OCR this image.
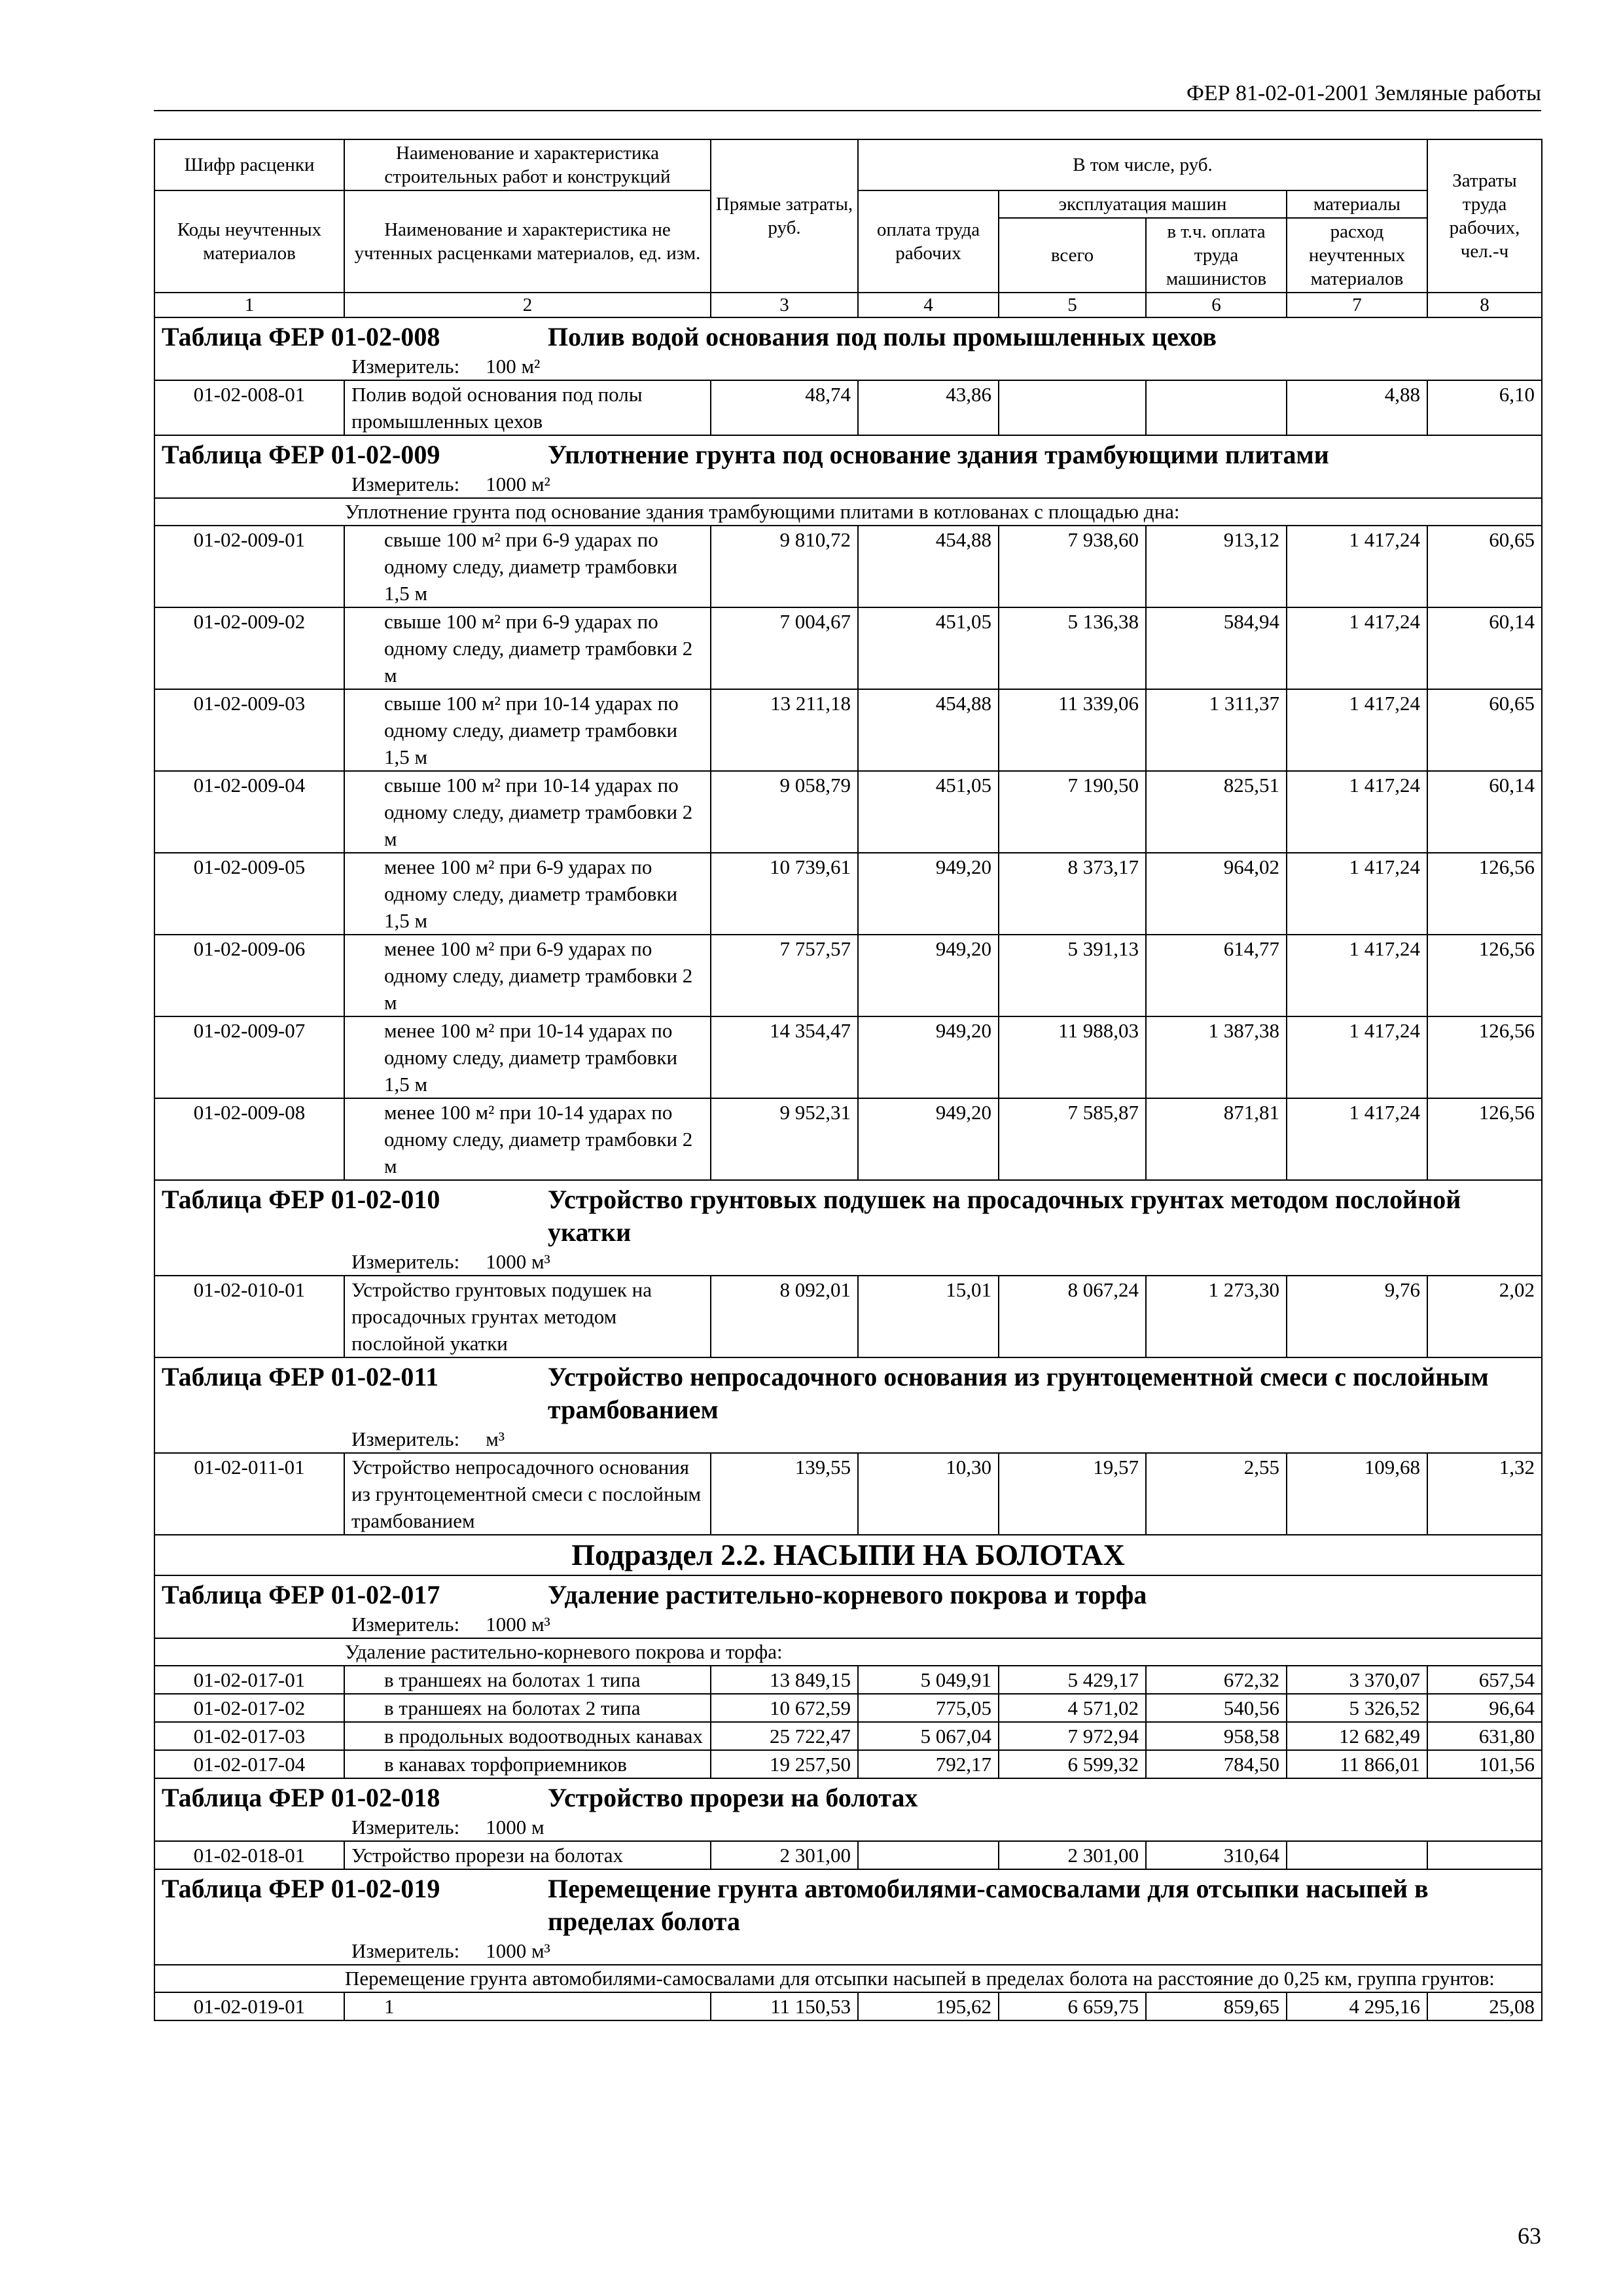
ФЕР 81-02-01-2001 Земляные работы
Шифр расценки	Наименование и характеристика строительных работ и конструкций	Прямые затраты, руб.	В том числе, руб.				Затраты труда рабочих, чел.-ч
Коды неучтенных материалов	Наименование и характеристика не учтенных расценками материалов, ед. изм.		оплата труда рабочих	эксплуатация машин		материалы	
				всего	в т.ч. оплата труда машинистов	расход неучтенных материалов	
1	2	3	4	5	6	7	8
Таблица ФЕР 01-02-008 Полив водой основания под полы промышленных цехов
Измеритель: 100 м²							

01-02-008-01	Полив водой основания под полы промышленных цехов	48,74	43,86			4,88	6,10
Таблица ФЕР 01-02-009 Уплотнение грунта под основание здания трамбующими плитами
Измеритель: 1000 м²							

Уплотнение грунта под основание здания трамбующими плитами в котлованах с площадью дна:							
01-02-009-01	свыше 100 м² при 6-9 ударах по одному следу, диаметр трамбовки 1,5 м	9 810,72	454,88	7 938,60	913,12	1 417,24	60,65
01-02-009-02	свыше 100 м² при 6-9 ударах по одному следу, диаметр трамбовки 2 м	7 004,67	451,05	5 136,38	584,94	1 417,24	60,14
01-02-009-03	свыше 100 м² при 10-14 ударах по одному следу, диаметр трамбовки 1,5 м	13 211,18	454,88	11 339,06	1 311,37	1 417,24	60,65
01-02-009-04	свыше 100 м² при 10-14 ударах по одному следу, диаметр трамбовки 2 м	9 058,79	451,05	7 190,50	825,51	1 417,24	60,14
01-02-009-05	менее 100 м² при 6-9 ударах по одному следу, диаметр трамбовки 1,5 м	10 739,61	949,20	8 373,17	964,02	1 417,24	126,56
01-02-009-06	менее 100 м² при 6-9 ударах по одному следу, диаметр трамбовки 2 м	7 757,57	949,20	5 391,13	614,77	1 417,24	126,56
01-02-009-07	менее 100 м² при 10-14 ударах по одному следу, диаметр трамбовки 1,5 м	14 354,47	949,20	11 988,03	1 387,38	1 417,24	126,56
01-02-009-08	менее 100 м² при 10-14 ударах по одному следу, диаметр трамбовки 2 м	9 952,31	949,20	7 585,87	871,81	1 417,24	126,56
Таблица ФЕР 01-02-010 Устройство грунтовых подушек на просадочных грунтах методом послойной укатки
Измеритель: 1000 м³							

01-02-010-01	Устройство грунтовых подушек на просадочных грунтах методом послойной укатки	8 092,01	15,01	8 067,24	1 273,30	9,76	2,02
Таблица ФЕР 01-02-011 Устройство непросадочного основания из грунтоцементной смеси с послойным трамбованием
Измеритель: м³							

01-02-011-01	Устройство непросадочного основания из грунтоцементной смеси с послойным трамбованием	139,55	10,30	19,57	2,55	109,68	1,32
Подраздел 2.2. НАСЫПИ НА БОЛОТАХ							
Таблица ФЕР 01-02-017 Удаление растительно-корневого покрова и торфа
Измеритель: 1000 м³							

Удаление растительно-корневого покрова и торфа:							
01-02-017-01	в траншеях на болотах 1 типа	13 849,15	5 049,91	5 429,17	672,32	3 370,07	657,54
01-02-017-02	в траншеях на болотах 2 типа	10 672,59	775,05	4 571,02	540,56	5 326,52	96,64
01-02-017-03	в продольных водоотводных канавах	25 722,47	5 067,04	7 972,94	958,58	12 682,49	631,80
01-02-017-04	в канавах торфоприемников	19 257,50	792,17	6 599,32	784,50	11 866,01	101,56
Таблица ФЕР 01-02-018 Устройство прорези на болотах
Измеритель: 1000 м							

01-02-018-01	Устройство прорези на болотах	2 301,00		2 301,00	310,64		
Таблица ФЕР 01-02-019 Перемещение грунта автомобилями-самосвалами для отсыпки насыпей в пределах болота
Измеритель: 1000 м³							

Перемещение грунта автомобилями-самосвалами для отсыпки насыпей в пределах болота на расстояние до 0,25 км, группа грунтов:							
01-02-019-01	1	11 150,53	195,62	6 659,75	859,65	4 295,16	25,08
63
